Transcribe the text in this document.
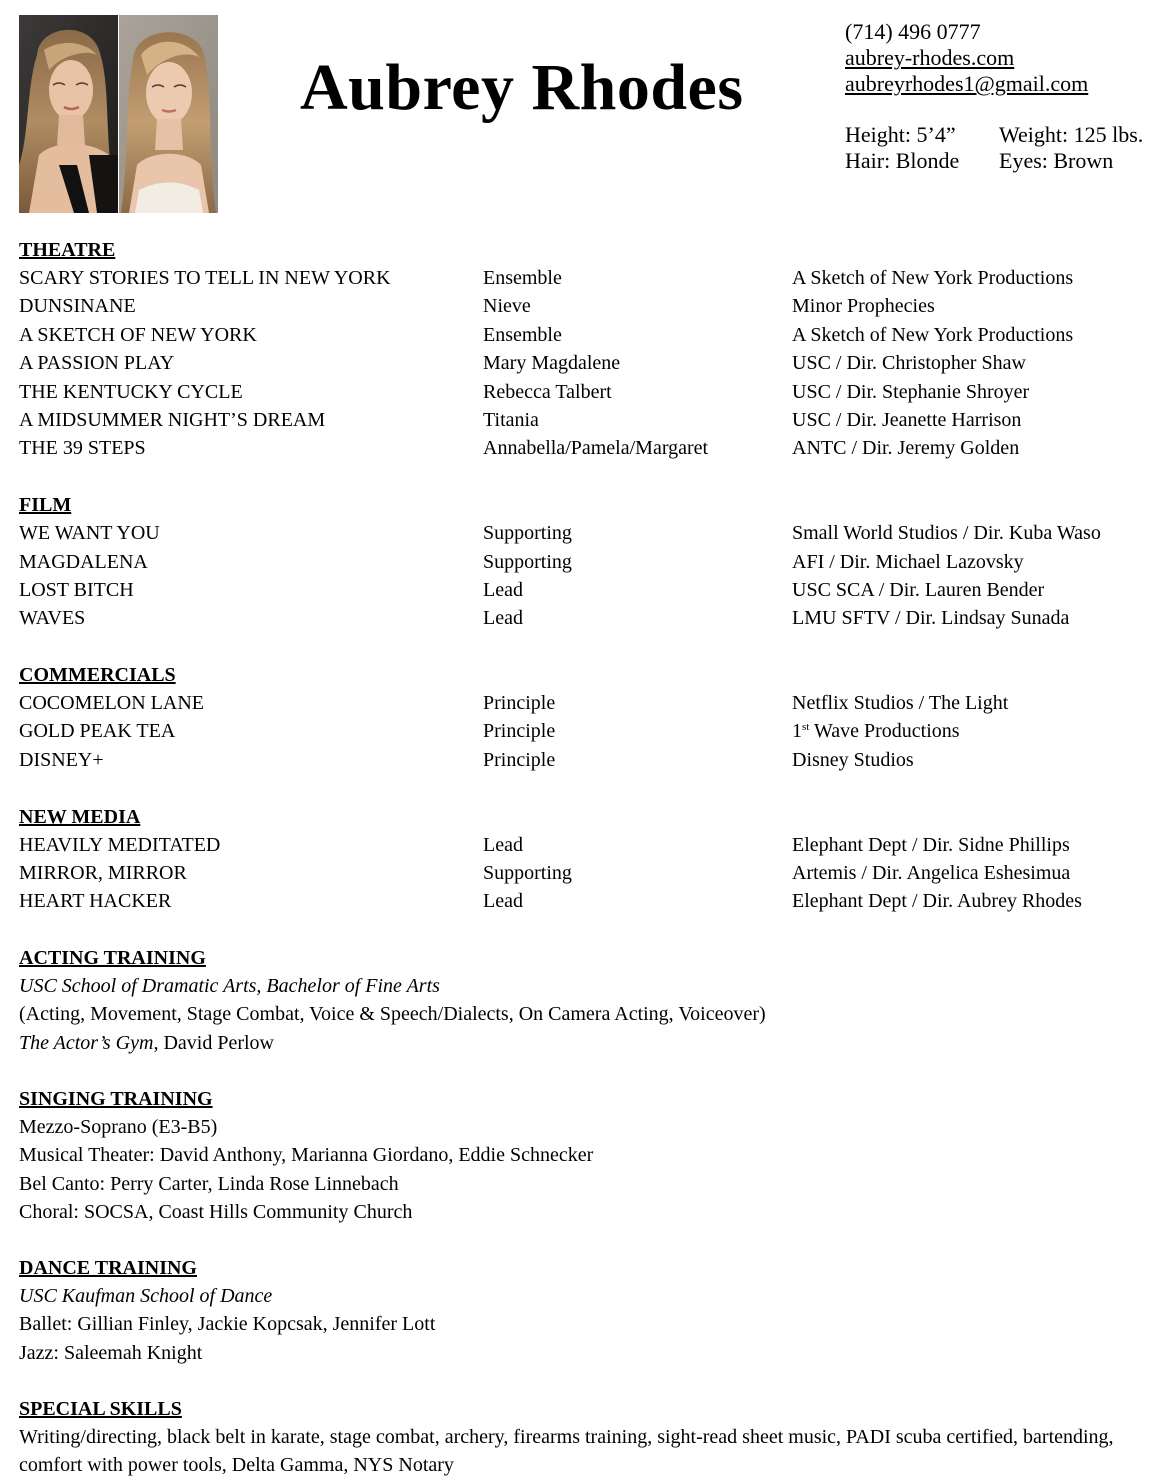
Aubrey Rhodes
(714) 496 0777
aubrey-rhodes.com
aubreyrhodes1@gmail.com
Height: 5’4”	Weight: 125 lbs.
Hair: Blonde	Eyes: Brown
THEATRE
SCARY STORIES TO TELL IN NEW YORK	Ensemble	A Sketch of New York Productions
DUNSINANE	Nieve	Minor Prophecies
A SKETCH OF NEW YORK	Ensemble	A Sketch of New York Productions
A PASSION PLAY	Mary Magdalene	USC / Dir. Christopher Shaw
THE KENTUCKY CYCLE	Rebecca Talbert	USC / Dir. Stephanie Shroyer
A MIDSUMMER NIGHT’S DREAM	Titania	USC / Dir. Jeanette Harrison
THE 39 STEPS	Annabella/Pamela/Margaret	ANTC / Dir. Jeremy Golden
FILM
WE WANT YOU	Supporting	Small World Studios / Dir. Kuba Waso
MAGDALENA	Supporting	AFI / Dir. Michael Lazovsky
LOST BITCH	Lead	USC SCA / Dir. Lauren Bender
WAVES	Lead	LMU SFTV / Dir. Lindsay Sunada
COMMERCIALS
COCOMELON LANE	Principle	Netflix Studios / The Light
GOLD PEAK TEA	Principle	1st Wave Productions
DISNEY+	Principle	Disney Studios
NEW MEDIA
HEAVILY MEDITATED	Lead	Elephant Dept / Dir. Sidne Phillips
MIRROR, MIRROR	Supporting	Artemis / Dir. Angelica Eshesimua
HEART HACKER	Lead	Elephant Dept / Dir. Aubrey Rhodes
ACTING TRAINING
USC School of Dramatic Arts, Bachelor of Fine Arts
(Acting, Movement, Stage Combat, Voice & Speech/Dialects, On Camera Acting, Voiceover)
The Actor’s Gym, David Perlow
SINGING TRAINING
Mezzo-Soprano (E3-B5)
Musical Theater: David Anthony, Marianna Giordano, Eddie Schnecker
Bel Canto: Perry Carter, Linda Rose Linnebach
Choral: SOCSA, Coast Hills Community Church
DANCE TRAINING
USC Kaufman School of Dance
Ballet: Gillian Finley, Jackie Kopcsak, Jennifer Lott
Jazz: Saleemah Knight
SPECIAL SKILLS
Writing/directing, black belt in karate, stage combat, archery, firearms training, sight-read sheet music, PADI scuba certified, bartending, comfort with power tools, Delta Gamma, NYS Notary
